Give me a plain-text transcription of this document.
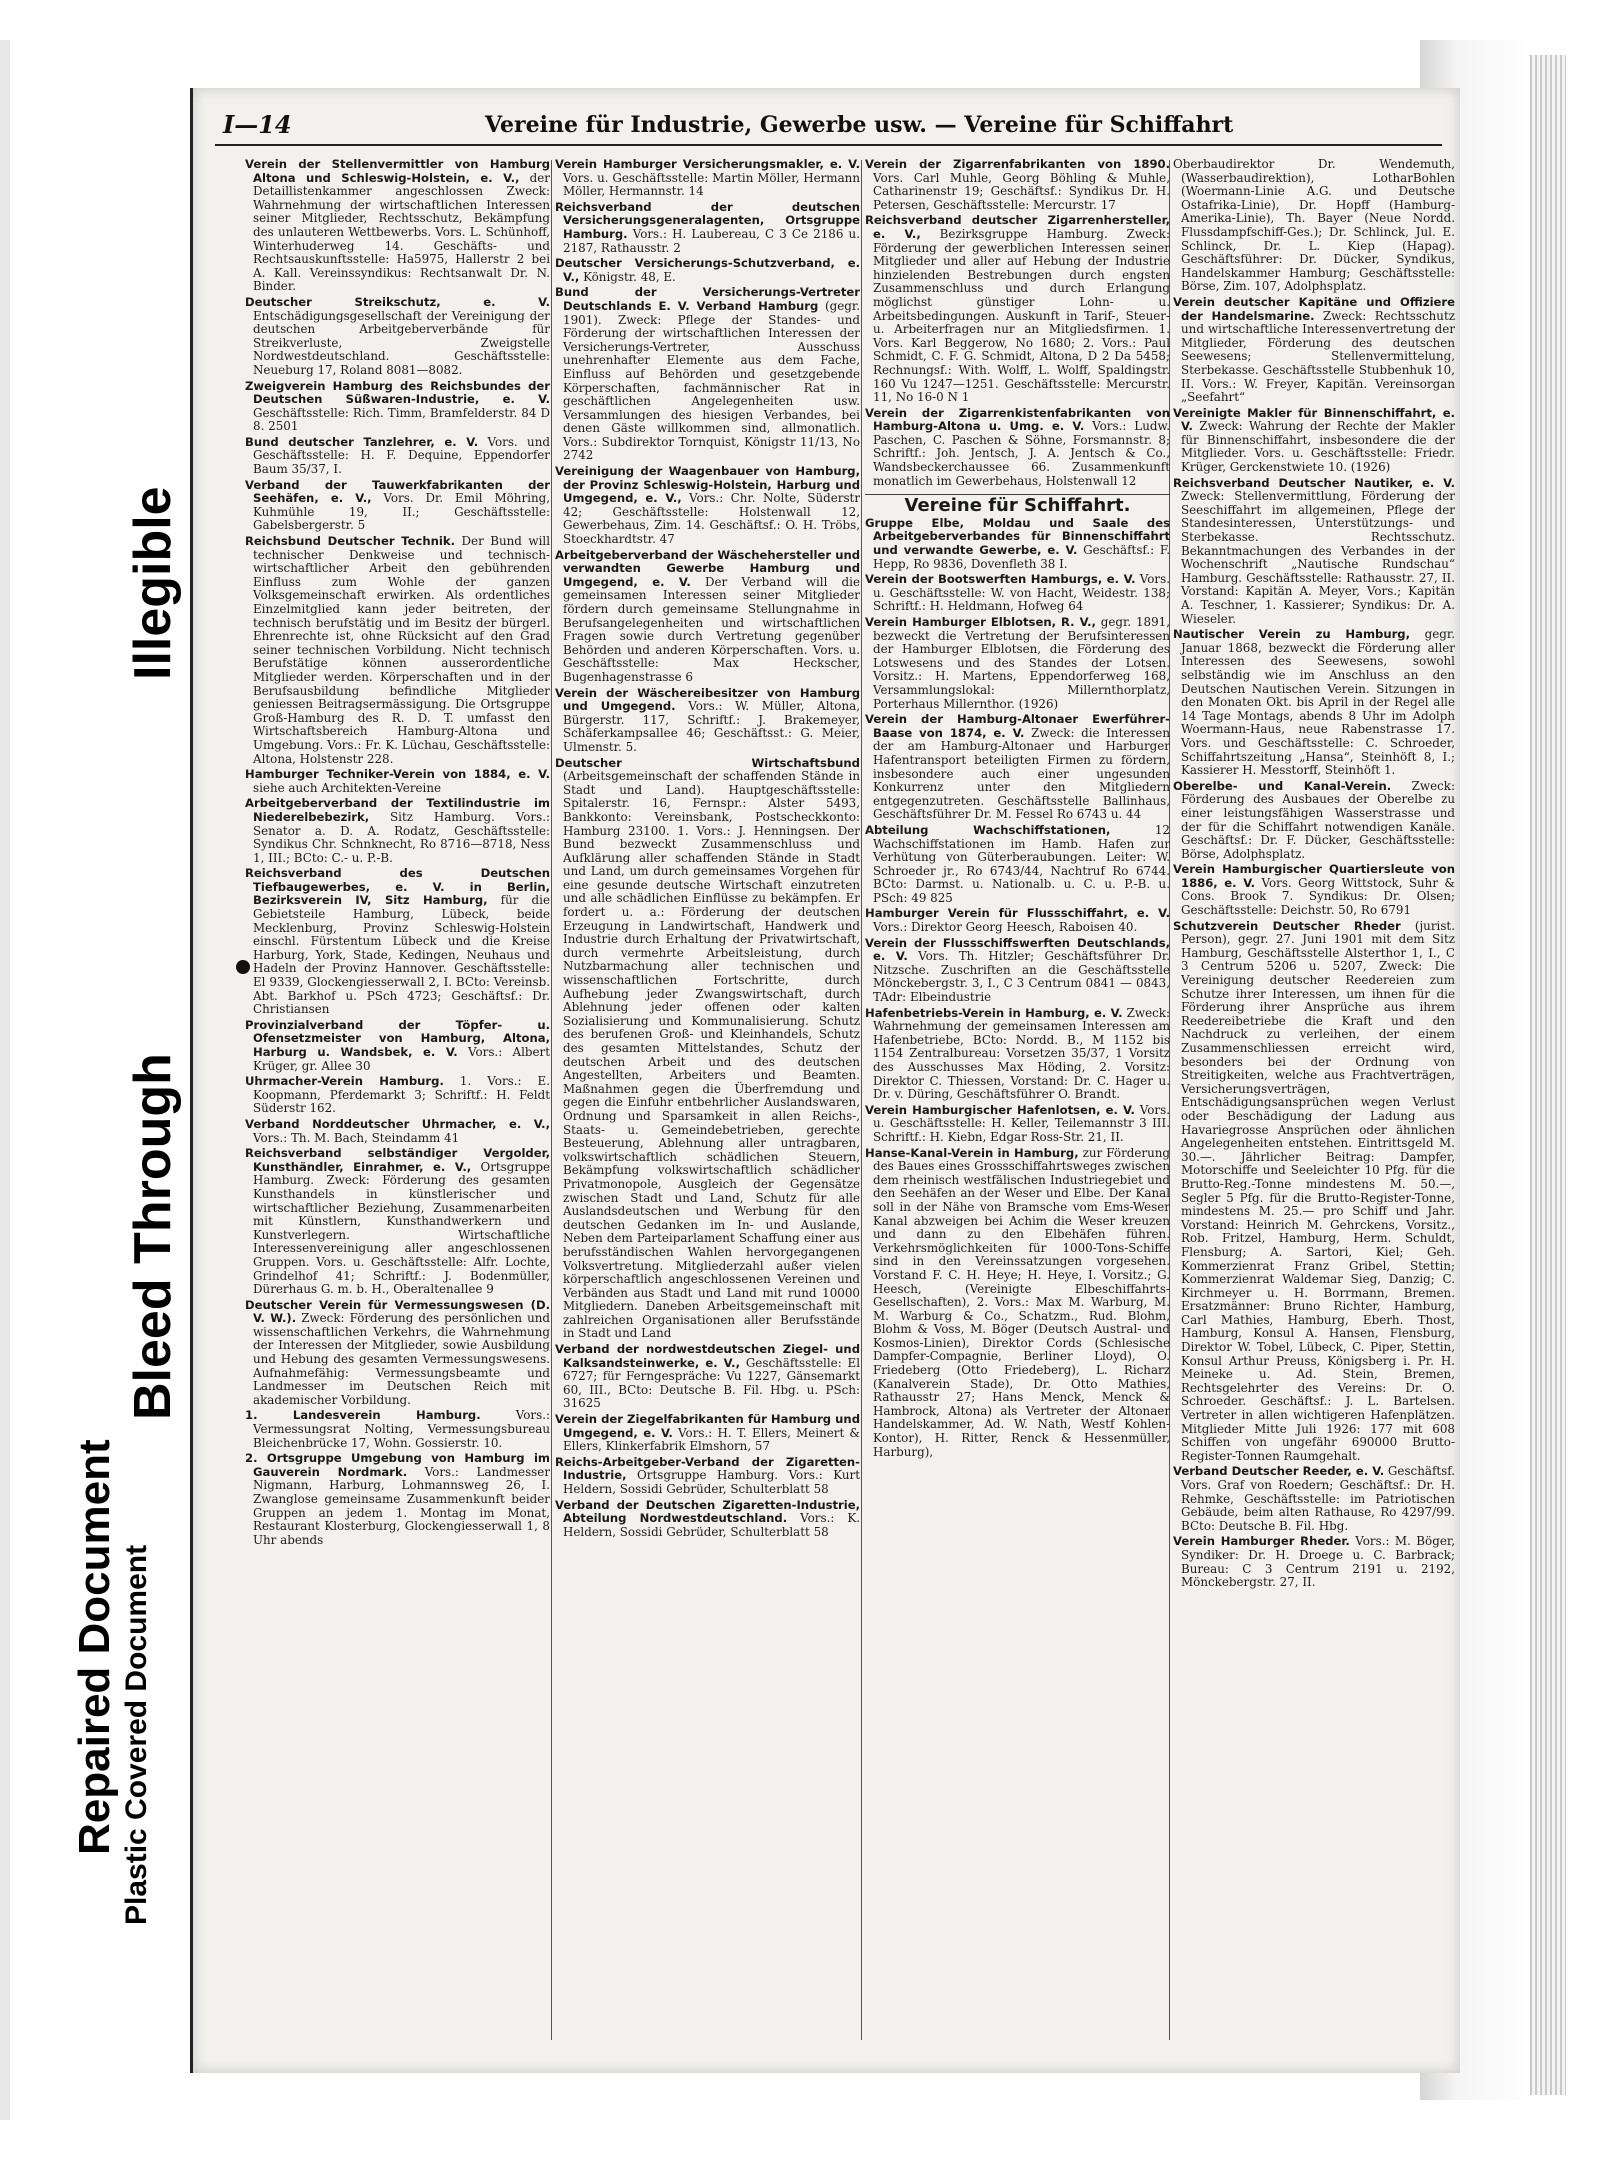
Repaired Document
Bleed Through
Plastic Covered Document
Illegible
I—14	Vereine für Industrie, Gewerbe usw. — Vereine für Schiffahrt

Verein der Stellenvermittler von Hamburg Altona und Schleswig-Holstein, e. V., der Detaillistenkammer angeschlossen Zweck: Wahrnehmung der wirtschaftlichen Interessen seiner Mitglieder, Rechtsschutz, Bekämpfung des unlauteren Wettbewerbs. Vors. L. Schünhoff, Winterhuderweg 14. Geschäfts- und Rechtsauskunftsstelle: Ha5975, Hallerstr 2 bei A. Kall. Vereinssyndikus: Rechtsanwalt Dr. N. Binder.

Deutscher Streikschutz, e. V. Entschädigungsgesellschaft der Vereinigung der deutschen Arbeitgeberverbände für Streikverluste, Zweigstelle Nordwestdeutschland. Geschäftsstelle: Neueburg 17, Roland 8081—8082.

Zweigverein Hamburg des Reichsbundes der Deutschen Süßwaren-Industrie, e. V. Geschäftsstelle: Rich. Timm, Bramfelderstr. 84 D 8. 2501

Bund deutscher Tanzlehrer, e. V. Vors. und Geschäftsstelle: H. F. Dequine, Eppendorfer Baum 35/37, I.

Verband der Tauwerkfabrikanten der Seehäfen, e. V., Vors. Dr. Emil Möhring, Kuhmühle 19, II.; Geschäftsstelle: Gabelsbergerstr. 5

Reichsbund Deutscher Technik. Der Bund will technischer Denkweise und technisch-wirtschaftlicher Arbeit den gebührenden Einfluss zum Wohle der ganzen Volksgemeinschaft erwirken. Als ordentliches Einzelmitglied kann jeder beitreten, der technisch berufstätig und im Besitz der bürgerl. Ehrenrechte ist, ohne Rücksicht auf den Grad seiner technischen Vorbildung. Nicht technisch Berufstätige können ausserordentliche Mitglieder werden. Körperschaften und in der Berufsausbildung befindliche Mitglieder geniessen Beitragsermässigung. Die Ortsgruppe Groß-Hamburg des R. D. T. umfasst den Wirtschaftsbereich Hamburg-Altona und Umgebung. Vors.: Fr. K. Lüchau, Geschäftsstelle: Altona, Holstenstr 228.

Hamburger Techniker-Verein von 1884, e. V. siehe auch Architekten-Vereine

Arbeitgeberverband der Textilindustrie im Niederelbebezirk, Sitz Hamburg. Vors.: Senator a. D. A. Rodatz, Geschäftsstelle: Syndikus Chr. Schnknecht, Ro 8716—8718, Ness 1, III.; BCto: C.- u. P.-B.

Reichsverband des Deutschen Tiefbaugewerbes, e. V. in Berlin, Bezirksverein IV, Sitz Hamburg, für die Gebietsteile Hamburg, Lübeck, beide Mecklenburg, Provinz Schleswig-Holstein einschl. Fürstentum Lübeck und die Kreise Harburg, York, Stade, Kedingen, Neuhaus und Hadeln der Provinz Hannover. Geschäftsstelle: El 9339, Glockengiesserwall 2, I. BCto: Vereinsb. Abt. Barkhof u. PSch 4723; Geschäftsf.: Dr. Christiansen

Provinzialverband der Töpfer- u. Ofensetzmeister von Hamburg, Altona, Harburg u. Wandsbek, e. V. Vors.: Albert Krüger, gr. Allee 30

Uhrmacher-Verein Hamburg. 1. Vors.: E. Koopmann, Pferdemarkt 3; Schriftf.: H. Feldt Süderstr 162.

Verband Norddeutscher Uhrmacher, e. V., Vors.: Th. M. Bach, Steindamm 41

Reichsverband selbständiger Vergolder, Kunsthändler, Einrahmer, e. V., Ortsgruppe Hamburg. Zweck: Förderung des gesamten Kunsthandels in künstlerischer und wirtschaftlicher Beziehung, Zusammenarbeiten mit Künstlern, Kunsthandwerkern und Kunstverlegern. Wirtschaftliche Interessenvereinigung aller angeschlossenen Gruppen. Vors. u. Geschäftsstelle: Alfr. Lochte, Grindelhof 41; Schriftf.: J. Bodenmüller, Dürerhaus G. m. b. H., Oberaltenallee 9

Deutscher Verein für Vermessungswesen (D. V. W.). Zweck: Förderung des persönlichen und wissenschaftlichen Verkehrs, die Wahrnehmung der Interessen der Mitglieder, sowie Ausbildung und Hebung des gesamten Vermessungswesens. Aufnahmefähig: Vermessungsbeamte und Landmesser im Deutschen Reich mit akademischer Vorbildung.

1. Landesverein Hamburg.	Vors.: Vermessungsrat Nolting, Vermessungsbureau Bleichenbrücke 17, Wohn. Gossierstr. 10.

2. Ortsgruppe Umgebung von Hamburg im Gauverein Nordmark. Vors.: Landmesser Nigmann, Harburg, Lohmannsweg 26, I. Zwanglose gemeinsame Zusammenkunft beider Gruppen an jedem 1. Montag im Monat, Restaurant Klosterburg, Glockengiesserwall 1, 8 Uhr abends

Verein Hamburger Versicherungsmakler, e. V. Vors. u. Geschäftsstelle: Martin Möller, Hermann Möller, Hermannstr. 14

Reichsverband der deutschen Versicherungsgeneralagenten, Ortsgruppe Hamburg. Vors.: H. Laubereau, C 3 Ce 2186 u. 2187, Rathausstr. 2

Deutscher Versicherungs-Schutzverband, e. V., Königstr. 48, E.

Bund der Versicherungs-Vertreter Deutschlands E. V. Verband Hamburg (gegr. 1901). Zweck: Pflege der Standes- und Förderung der wirtschaftlichen Interessen der Versicherungs-Vertreter, Ausschuss unehrenhafter Elemente aus dem Fache, Einfluss auf Behörden und gesetzgebende Körperschaften, fachmännischer Rat in geschäftlichen Angelegenheiten usw. Versammlungen des hiesigen Verbandes, bei denen Gäste willkommen sind, allmonatlich. Vors.: Subdirektor Tornquist, Königstr 11/13, No 2742

Vereinigung der Waagenbauer von Hamburg, der Provinz Schleswig-Holstein, Harburg und Umgegend, e. V., Vors.: Chr. Nolte, Süderstr 42; Geschäftsstelle: Holstenwall 12, Gewerbehaus, Zim. 14. Geschäftsf.: O. H. Tröbs, Stoeckhardtstr. 47

Arbeitgeberverband der Wäschehersteller und verwandten Gewerbe Hamburg und Umgegend, e. V. Der Verband will die gemeinsamen Interessen seiner Mitglieder fördern durch gemeinsame Stellungnahme in Berufsangelegenheiten und wirtschaftlichen Fragen sowie durch Vertretung gegenüber Behörden und anderen Körperschaften. Vors. u. Geschäftsstelle: Max Heckscher, Bugenhagenstrasse 6

Verein der Wäschereibesitzer von Hamburg und Umgegend. Vors.: W. Müller, Altona, Bürgerstr. 117, Schriftf.: J. Brakemeyer, Schäferkampsallee 46; Geschäftsst.: G. Meier, Ulmenstr. 5.

Deutscher Wirtschaftsbund (Arbeitsgemeinschaft der schaffenden Stände in Stadt und Land). Hauptgeschäftsstelle: Spitalerstr. 16, Fernspr.: Alster 5493, Bankkonto: Vereinsbank, Postscheckkonto: Hamburg 23100. 1. Vors.: J. Henningsen. Der Bund bezweckt Zusammenschluss und Aufklärung aller schaffenden Stände in Stadt und Land, um durch gemeinsames Vorgehen für eine gesunde deutsche Wirtschaft einzutreten und alle schädlichen Einflüsse zu bekämpfen. Er fordert u. a.: Förderung der deutschen Erzeugung in Landwirtschaft, Handwerk und Industrie durch Erhaltung der Privatwirtschaft, durch vermehrte Arbeitsleistung, durch Nutzbarmachung aller technischen und wissenschaftlichen Fortschritte, durch Aufhebung jeder Zwangswirtschaft, durch Ablehnung jeder offenen oder kalten Sozialisierung und Kommunalisierung. Schutz des berufenen Groß- und Kleinhandels, Schutz des gesamten Mittelstandes, Schutz der deutschen Arbeit und des deutschen Angestellten, Arbeiters und Beamten. Maßnahmen gegen die Überfremdung und gegen die Einfuhr entbehrlicher Auslandswaren, Ordnung und Sparsamkeit in allen Reichs-, Staats- u. Gemeindebetrieben, gerechte Besteuerung, Ablehnung aller untragbaren, volkswirtschaftlich schädlichen Steuern, Bekämpfung volkswirtschaftlich schädlicher Privatmonopole, Ausgleich der Gegensätze zwischen Stadt und Land, Schutz für alle Auslandsdeutschen und Werbung für den deutschen Gedanken im In- und Auslande, Neben dem Parteiparlament Schaffung einer aus berufsständischen Wahlen hervorgegangenen Volksvertretung. Mitgliederzahl außer vielen körperschaftlich angeschlossenen Vereinen und Verbänden aus Stadt und Land mit rund 10000 Mitgliedern. Daneben Arbeitsgemeinschaft mit zahlreichen Organisationen aller Berufsstände in Stadt und Land

Verband der nordwestdeutschen Ziegel- und Kalksandsteinwerke, e. V., Geschäftsstelle: El 6727; für Ferngespräche: Vu 1227, Gänsemarkt 60, III., BCto: Deutsche B. Fil. Hbg. u. PSch: 31625

Verein der Ziegelfabrikanten für Hamburg und Umgegend, e. V. Vors.: H. T. Ellers, Meinert & Ellers, Klinkerfabrik Elmshorn, 57

Reichs-Arbeitgeber-Verband der Zigaretten-Industrie, Ortsgruppe Hamburg. Vors.: Kurt Heldern, Sossidi Gebrüder, Schulterblatt 58

Verband der Deutschen Zigaretten-Industrie, Abteilung Nordwestdeutschland. Vors.: K. Heldern, Sossidi Gebrüder, Schulterblatt 58

Verein der Zigarrenfabrikanten von 1890. Vors. Carl Muhle, Georg Böhling & Muhle, Catharinenstr 19; Geschäftsf.: Syndikus Dr. H. Petersen, Geschäftsstelle: Mercurstr. 17

Reichsverband deutscher Zigarrenhersteller, e. V., Bezirksgruppe Hamburg. Zweck: Förderung der gewerblichen Interessen seiner Mitglieder und aller auf Hebung der Industrie hinzielenden Bestrebungen durch engsten Zusammenschluss und durch Erlangung möglichst günstiger Lohn- u. Arbeitsbedingungen. Auskunft in Tarif-, Steuer- u. Arbeiterfragen nur an Mitgliedsfirmen. 1. Vors. Karl Beggerow, No 1680; 2. Vors.: Paul Schmidt, C. F. G. Schmidt, Altona, D 2 Da 5458; Rechnungsf.: With. Wolff, L. Wolff, Spaldingstr. 160 Vu 1247—1251. Geschäftsstelle: Mercurstr. 11, No 16-0 N 1

Verein der Zigarrenkistenfabrikanten von Hamburg-Altona u. Umg. e. V. Vors.: Ludw. Paschen, C. Paschen & Söhne, Forsmannstr. 8; Schriftf.: Joh. Jentsch, J. A. Jentsch & Co., Wandsbeckerchaussee 66. Zusammenkunft monatlich im Gewerbehaus, Holstenwall 12

Vereine für Schiffahrt.

Gruppe Elbe, Moldau und Saale des Arbeitgeberverbandes für Binnenschiffahrt und verwandte Gewerbe, e. V. Geschäftsf.: F. Hepp, Ro 9836, Dovenfleth 38 I.

Verein der Bootswerften Hamburgs, e. V. Vors. u. Geschäftsstelle: W. von Hacht, Weidestr. 138; Schriftf.: H. Heldmann, Hofweg 64

Verein Hamburger Elblotsen, R. V., gegr. 1891, bezweckt die Vertretung der Berufsinteressen der Hamburger Elblotsen, die Förderung des Lotswesens und des Standes der Lotsen. Vorsitz.: H. Martens, Eppendorferweg 168, Versammlungslokal: Millernthorplatz, Porterhaus Millernthor. (1926)

Verein der Hamburg-Altonaer Ewerführer-Baase von 1874, e. V. Zweck: die Interessen der am Hamburg-Altonaer und Harburger Hafentransport beteiligten Firmen zu fördern, insbesondere auch einer ungesunden Konkurrenz unter den Mitgliedern entgegenzutreten. Geschäftsstelle Ballinhaus, Geschäftsführer Dr. M. Fessel Ro 6743 u. 44

Abteilung Wachschiffstationen,	12 Wachschiffstationen im Hamb. Hafen zur Verhütung von Güterberaubungen. Leiter: W. Schroeder jr., Ro 6743/44, Nachtruf Ro 6744. BCto: Darmst. u. Nationalb. u. C. u. P.-B. u. PSch: 49 825

Hamburger Verein für Flussschiffahrt, e. V. Vors.: Direktor Georg Heesch, Raboisen 40.

Verein der Flussschiffswerften Deutschlands, e. V. Vors. Th. Hitzler; Geschäftsführer Dr. Nitzsche. Zuschriften an die Geschäftsstelle Mönckebergstr. 3, I., C 3 Centrum 0841 — 0843, TAdr: Elbeindustrie

Hafenbetriebs-Verein in Hamburg, e. V. Zweck: Wahrnehmung der gemeinsamen Interessen am Hafenbetriebe, BCto: Nordd. B., M 1152 bis 1154 Zentralbureau: Vorsetzen 35/37, 1 Vorsitz des Ausschusses Max Höding, 2. Vorsitz: Direktor C. Thiessen, Vorstand: Dr. C. Hager u. Dr. v. Düring, Geschäftsführer O. Brandt.

Verein Hamburgischer Hafenlotsen, e. V. Vors. u. Geschäftsstelle: H. Keller, Teilemannstr 3 III. Schriftf.: H. Kiebn, Edgar Ross-Str. 21, II.

Hanse-Kanal-Verein in Hamburg, zur Förderung des Baues eines Grossschiffahrtsweges zwischen dem rheinisch westfälischen Industriegebiet und den Seehäfen an der Weser und Elbe. Der Kanal soll in der Nähe von Bramsche vom Ems-Weser Kanal abzweigen bei Achim die Weser kreuzen und dann zu den Elbehäfen führen. Verkehrsmöglichkeiten für 1000-Tons-Schiffe sind in den Vereinssatzungen vorgesehen. Vorstand F. C. H. Heye; H. Heye, I. Vorsitz.; G. Heesch, (Vereinigte Elbeschiffahrts-Gesellschaften), 2. Vors.: Max M. Warburg, M. M. Warburg & Co., Schatzm., Rud. Blohm, Blohm & Voss, M. Böger (Deutsch Austral- und Kosmos-Linien), Direktor Cords (Schlesische Dampfer-Compagnie, Berliner Lloyd), O. Friedeberg (Otto Friedeberg), L. Richarz (Kanalverein Stade), Dr. Otto Mathies, Rathausstr 27; Hans Menck, Menck & Hambrock, Altona) als Vertreter der Altonaer Handelskammer, Ad. W. Nath, Westf Kohlen-Kontor), H. Ritter, Renck & Hessenmüller, Harburg),

Oberbaudirektor Dr. Wendemuth, (Wasserbaudirektion), LotharBohlen (Woermann-Linie A.G. und Deutsche Ostafrika-Linie), Dr. Hopff (Hamburg-Amerika-Linie), Th. Bayer (Neue Nordd. Flussdampfschiff-Ges.); Dr. Schlinck, Jul. E. Schlinck, Dr. L. Kiep (Hapag). Geschäftsführer: Dr. Dücker, Syndikus, Handelskammer Hamburg; Geschäftsstelle: Börse, Zim. 107, Adolphsplatz.

Verein deutscher Kapitäne und Offiziere der Handelsmarine. Zweck: Rechtsschutz und wirtschaftliche Interessenvertretung der Mitglieder, Förderung des deutschen Seewesens; Stellenvermittelung, Sterbekasse. Geschäftsstelle Stubbenhuk 10, II. Vors.: W. Freyer, Kapitän. Vereinsorgan „Seefahrt“

Vereinigte Makler für Binnenschiffahrt, e. V. Zweck: Wahrung der Rechte der Makler für Binnenschiffahrt, insbesondere die der Mitglieder. Vors. u. Geschäftsstelle: Friedr. Krüger, Gerckenstwiete 10. (1926)

Reichsverband Deutscher Nautiker, e. V. Zweck: Stellenvermittlung, Förderung der Seeschiffahrt im allgemeinen, Pflege der Standesinteressen, Unterstützungs- und Sterbekasse. Rechtsschutz. Bekanntmachungen des Verbandes in der Wochenschrift „Nautische Rundschau“ Hamburg. Geschäftsstelle: Rathausstr. 27, II. Vorstand: Kapitän A. Meyer, Vors.; Kapitän A. Teschner, 1. Kassierer; Syndikus: Dr. A. Wieseler.

Nautischer Verein zu Hamburg, gegr. Januar 1868, bezweckt die Förderung aller Interessen des Seewesens, sowohl selbständig wie im Anschluss an den Deutschen Nautischen Verein. Sitzungen in den Monaten Okt. bis April in der Regel alle 14 Tage Montags, abends 8 Uhr im Adolph Woermann-Haus, neue Rabenstrasse 17. Vors. und Geschäftsstelle: C. Schroeder, Schiffahrtszeitung „Hansa“, Steinhöft 8, I.; Kassierer H. Messtorff, Steinhöft 1.

Oberelbe- und Kanal-Verein. Zweck: Förderung des Ausbaues der Oberelbe zu einer leistungsfähigen Wasserstrasse und der für die Schiffahrt notwendigen Kanäle. Geschäftsf.: Dr. F. Dücker, Geschäftsstelle: Börse, Adolphsplatz.

Verein Hamburgischer Quartiersleute von 1886, e. V. Vors. Georg Wittstock, Suhr & Cons. Brook 7. Syndikus: Dr. Olsen; Geschäftsstelle: Deichstr. 50, Ro 6791

Schutzverein Deutscher Rheder (jurist. Person), gegr. 27. Juni 1901 mit dem Sitz Hamburg, Geschäftsstelle Alsterthor 1, I., C 3 Centrum 5206 u. 5207, Zweck: Die Vereinigung deutscher Reedereien zum Schutze ihrer Interessen, um ihnen für die Förderung ihrer Ansprüche aus ihrem Reedereibetriebe die Kraft und den Nachdruck zu verleihen, der einem Zusammenschliessen erreicht wird, besonders bei der Ordnung von Streitigkeiten, welche aus Frachtverträgen, Versicherungsverträgen, Entschädigungsansprüchen wegen Verlust oder Beschädigung der Ladung aus Havariegrosse Ansprüchen oder ähnlichen Angelegenheiten entstehen. Eintrittsgeld M. 30.—. Jährlicher Beitrag: Dampfer, Motorschiffe und Seeleichter 10 Pfg. für die Brutto-Reg.-Tonne mindestens M. 50.—, Segler 5 Pfg. für die Brutto-Register-Tonne, mindestens M. 25.— pro Schiff und Jahr. Vorstand: Heinrich M. Gehrckens, Vorsitz., Rob. Fritzel, Hamburg, Herm. Schuldt, Flensburg; A. Sartori, Kiel; Geh. Kommerzienrat Franz Gribel, Stettin; Kommerzienrat Waldemar Sieg, Danzig; C. Kirchmeyer u. H. Borrmann, Bremen. Ersatzmänner: Bruno Richter, Hamburg, Carl Mathies, Hamburg, Eberh. Thost, Hamburg, Konsul A. Hansen, Flensburg, Direktor W. Tobel, Lübeck, C. Piper, Stettin, Konsul Arthur Preuss, Königsberg i. Pr. H. Meineke u. Ad. Stein, Bremen, Rechtsgelehrter des Vereins: Dr. O. Schroeder. Geschäftsf.: J. L. Bartelsen. Vertreter in allen wichtigeren Hafenplätzen. Mitglieder Mitte Juli 1926: 177 mit 608 Schiffen von ungefähr 690000 Brutto-Register-Tonnen Raumgehalt.

Verband Deutscher Reeder, e. V. Geschäftsf. Vors. Graf von Roedern; Geschäftsf.: Dr. H. Rehmke, Geschäftsstelle: im Patriotischen Gebäude, beim alten Rathause, Ro 4297/99. BCto: Deutsche B. Fil. Hbg.

Verein Hamburger Rheder. Vors.: M. Böger, Syndiker: Dr. H. Droege u. C. Barbrack; Bureau: C 3 Centrum 2191 u. 2192, Mönckebergstr. 27, II.
